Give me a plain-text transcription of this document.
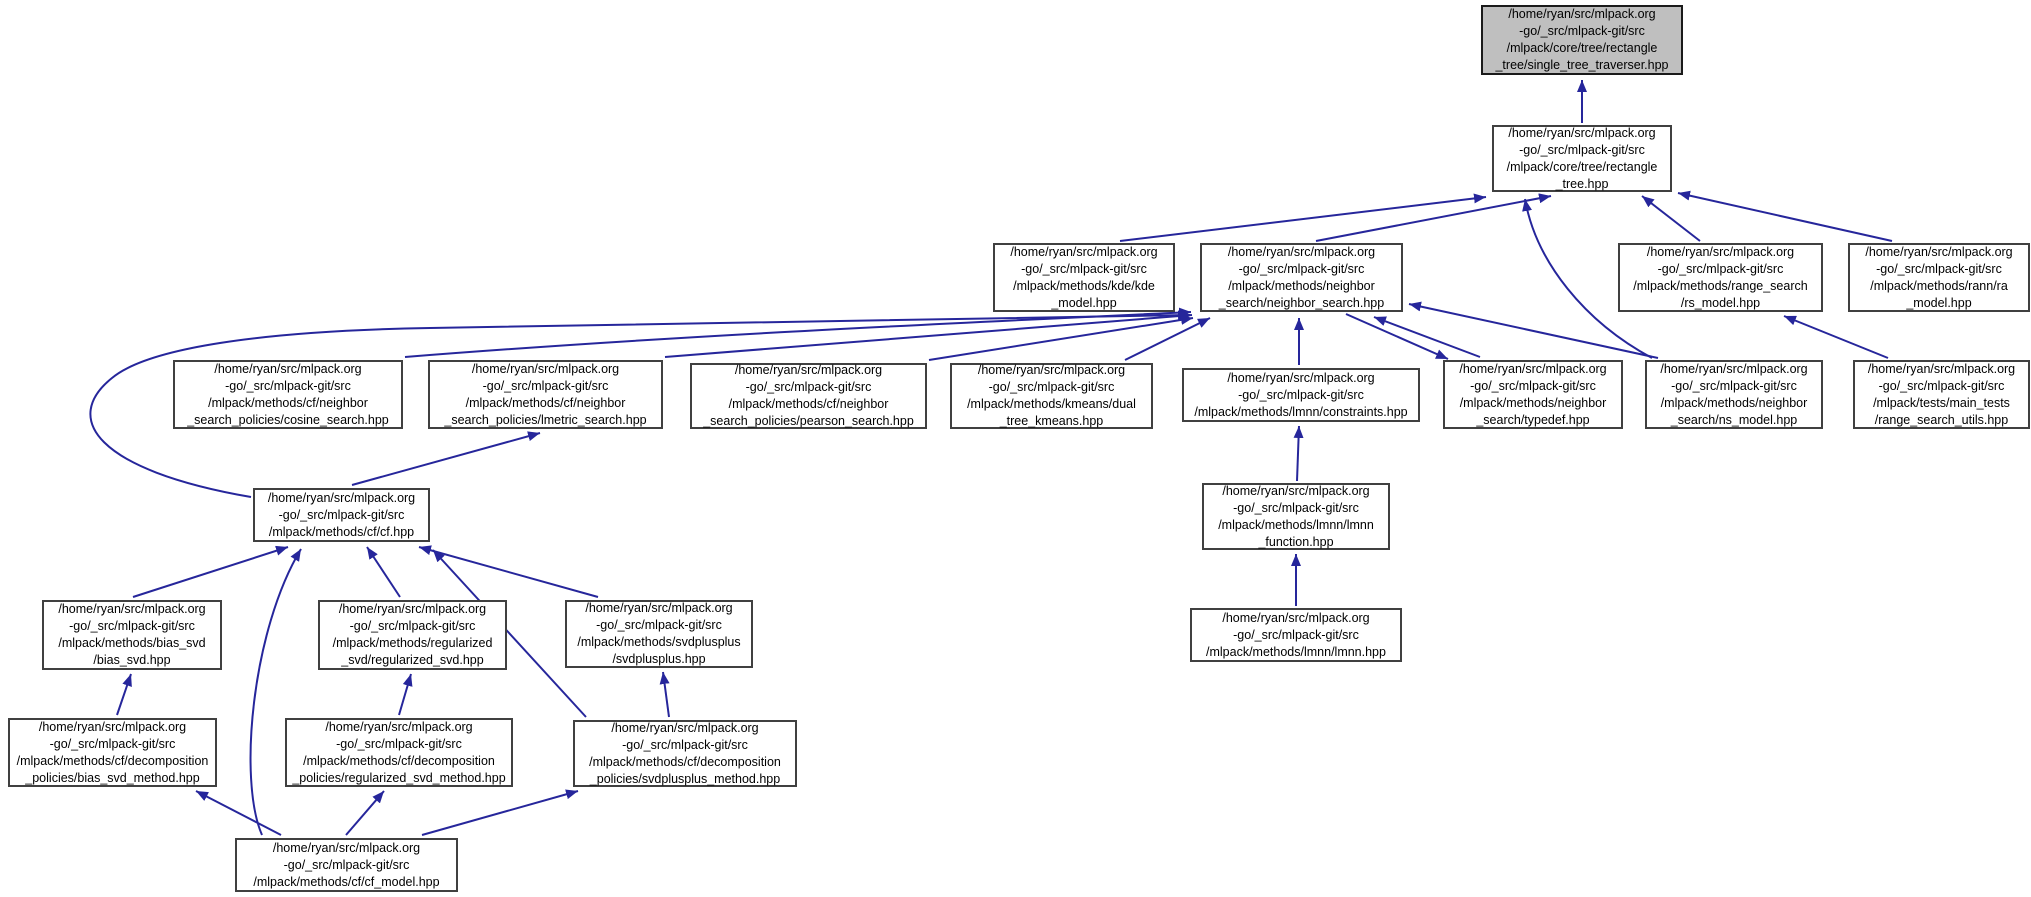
/home/ryan/src/mlpack.org
-go/_src/mlpack-git/src
/mlpack/core/tree/rectangle
_tree/single_tree_traverser.hpp
/home/ryan/src/mlpack.org
-go/_src/mlpack-git/src
/mlpack/core/tree/rectangle
_tree.hpp
/home/ryan/src/mlpack.org
-go/_src/mlpack-git/src
/mlpack/methods/kde/kde
_model.hpp
/home/ryan/src/mlpack.org
-go/_src/mlpack-git/src
/mlpack/methods/neighbor
_search/neighbor_search.hpp
/home/ryan/src/mlpack.org
-go/_src/mlpack-git/src
/mlpack/methods/range_search
/rs_model.hpp
/home/ryan/src/mlpack.org
-go/_src/mlpack-git/src
/mlpack/methods/rann/ra
_model.hpp
/home/ryan/src/mlpack.org
-go/_src/mlpack-git/src
/mlpack/methods/cf/neighbor
_search_policies/cosine_search.hpp
/home/ryan/src/mlpack.org
-go/_src/mlpack-git/src
/mlpack/methods/cf/neighbor
_search_policies/lmetric_search.hpp
/home/ryan/src/mlpack.org
-go/_src/mlpack-git/src
/mlpack/methods/cf/neighbor
_search_policies/pearson_search.hpp
/home/ryan/src/mlpack.org
-go/_src/mlpack-git/src
/mlpack/methods/kmeans/dual
_tree_kmeans.hpp
/home/ryan/src/mlpack.org
-go/_src/mlpack-git/src
/mlpack/methods/lmnn/constraints.hpp
/home/ryan/src/mlpack.org
-go/_src/mlpack-git/src
/mlpack/methods/neighbor
_search/typedef.hpp
/home/ryan/src/mlpack.org
-go/_src/mlpack-git/src
/mlpack/methods/neighbor
_search/ns_model.hpp
/home/ryan/src/mlpack.org
-go/_src/mlpack-git/src
/mlpack/tests/main_tests
/range_search_utils.hpp
/home/ryan/src/mlpack.org
-go/_src/mlpack-git/src
/mlpack/methods/cf/cf.hpp
/home/ryan/src/mlpack.org
-go/_src/mlpack-git/src
/mlpack/methods/lmnn/lmnn
_function.hpp
/home/ryan/src/mlpack.org
-go/_src/mlpack-git/src
/mlpack/methods/bias_svd
/bias_svd.hpp
/home/ryan/src/mlpack.org
-go/_src/mlpack-git/src
/mlpack/methods/regularized
_svd/regularized_svd.hpp
/home/ryan/src/mlpack.org
-go/_src/mlpack-git/src
/mlpack/methods/svdplusplus
/svdplusplus.hpp
/home/ryan/src/mlpack.org
-go/_src/mlpack-git/src
/mlpack/methods/lmnn/lmnn.hpp
/home/ryan/src/mlpack.org
-go/_src/mlpack-git/src
/mlpack/methods/cf/decomposition
_policies/bias_svd_method.hpp
/home/ryan/src/mlpack.org
-go/_src/mlpack-git/src
/mlpack/methods/cf/decomposition
_policies/regularized_svd_method.hpp
/home/ryan/src/mlpack.org
-go/_src/mlpack-git/src
/mlpack/methods/cf/decomposition
_policies/svdplusplus_method.hpp
/home/ryan/src/mlpack.org
-go/_src/mlpack-git/src
/mlpack/methods/cf/cf_model.hpp
